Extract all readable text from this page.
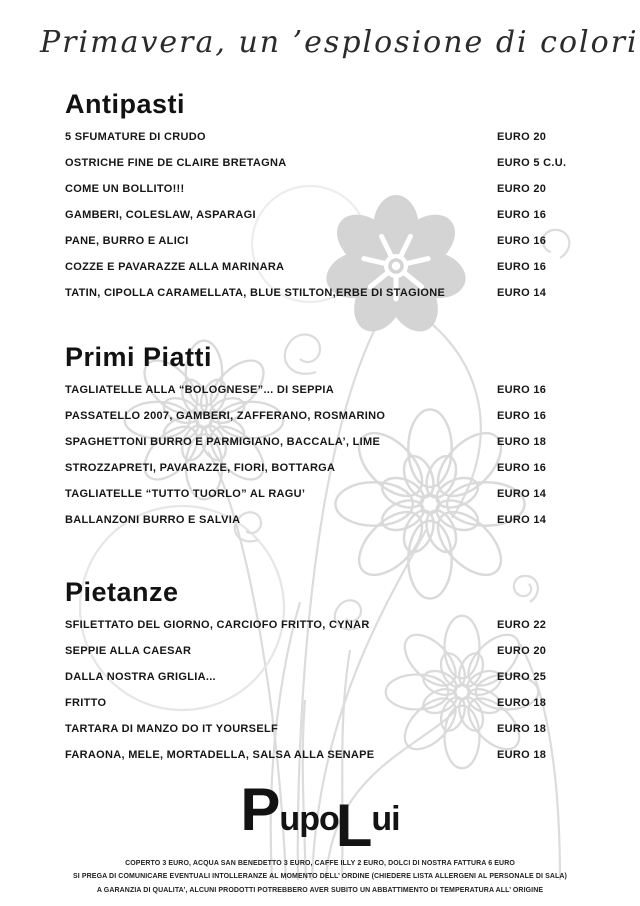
Primavera, un ’esplosione di colori
Antipasti
5 SFUMATURE DI CRUDO	EURO 20
OSTRICHE FINE DE CLAIRE BRETAGNA	EURO 5 C.U.
COME UN BOLLITO!!!	EURO 20
GAMBERI, COLESLAW, ASPARAGI	EURO 16
PANE, BURRO E ALICI	EURO 16
COZZE E PAVARAZZE ALLA MARINARA	EURO 16
TATIN, CIPOLLA CARAMELLATA, BLUE STILTON,ERBE DI STAGIONE	EURO 14
Primi Piatti
TAGLIATELLE ALLA “BOLOGNESE”... DI SEPPIA	EURO 16
PASSATELLO 2007, GAMBERI, ZAFFERANO, ROSMARINO	EURO 16
SPAGHETTONI BURRO E PARMIGIANO, BACCALA’, LIME	EURO 18
STROZZAPRETI, PAVARAZZE, FIORI, BOTTARGA	EURO 16
TAGLIATELLE “TUTTO TUORLO” AL RAGU’	EURO 14
BALLANZONI BURRO E SALVIA	EURO 14
Pietanze
SFILETTATO DEL GIORNO, CARCIOFO FRITTO, CYNAR	EURO 22
SEPPIE ALLA CAESAR	EURO 20
DALLA NOSTRA GRIGLIA...	EURO 25
FRITTO	EURO 18
TARTARA DI MANZO DO IT YOURSELF	EURO 18
FARAONA, MELE, MORTADELLA, SALSA ALLA SENAPE	EURO 18
PupoLui
COPERTO 3 EURO, ACQUA SAN BENEDETTO 3 EURO, CAFFE ILLY 2 EURO, DOLCI DI NOSTRA FATTURA 6 EURO
SI PREGA DI COMUNICARE EVENTUALI INTOLLERANZE AL MOMENTO DELL’ ORDINE (CHIEDERE LISTA ALLERGENI AL PERSONALE DI SALA)
A GARANZIA DI QUALITA’, ALCUNI PRODOTTI POTREBBERO AVER SUBITO UN ABBATTIMENTO DI TEMPERATURA ALL’ ORIGINE
